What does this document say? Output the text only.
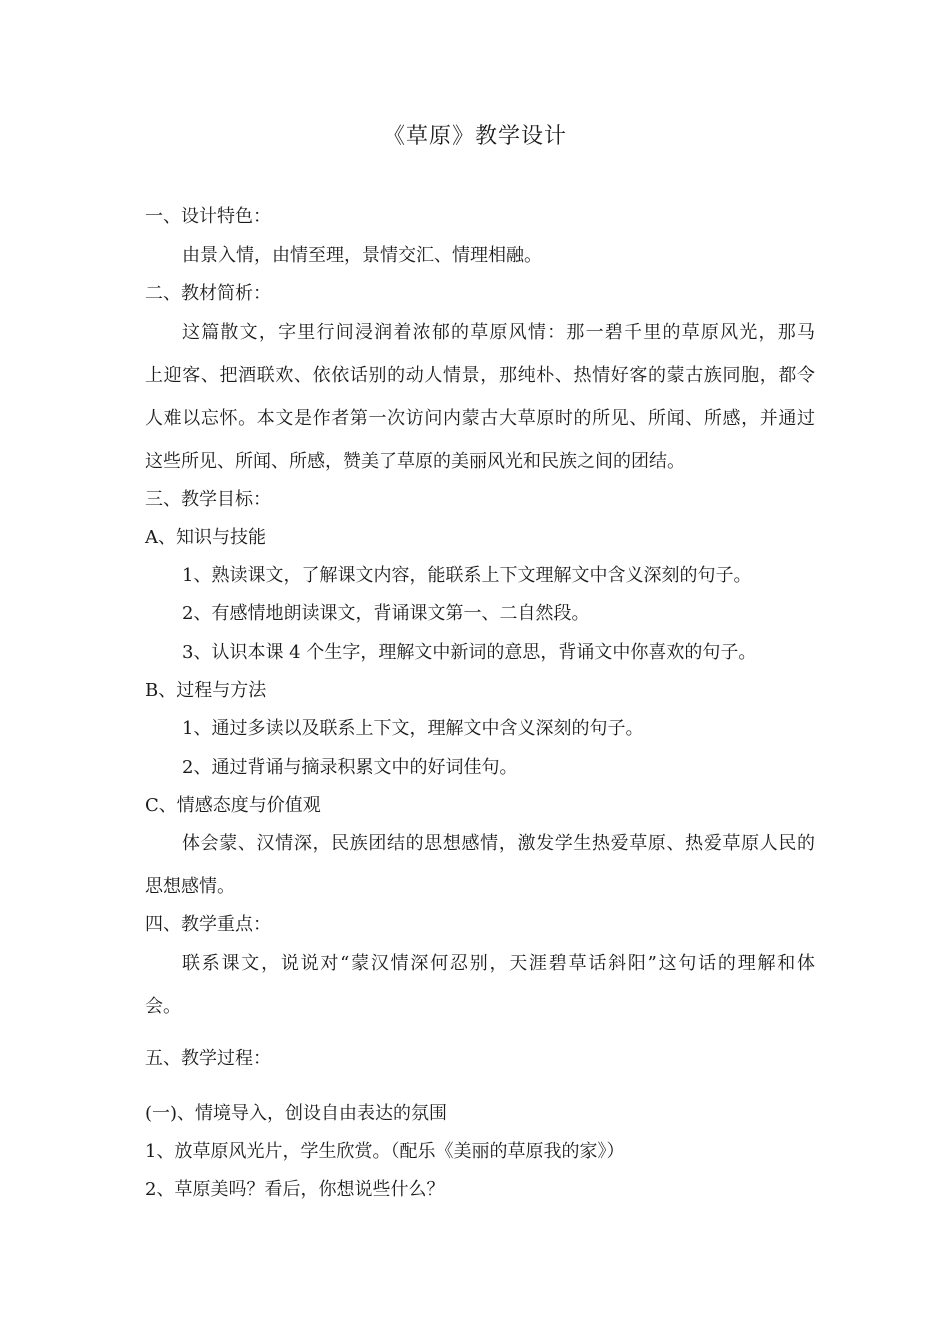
《草原》教学设计
一、设计特色：
由景入情，由情至理，景情交汇、情理相融。
二、教材简析：
这篇散文，字里行间浸润着浓郁的草原风情：那一碧千里的草原风光，那马
上迎客、把酒联欢、依依话别的动人情景，那纯朴、热情好客的蒙古族同胞，都令
人难以忘怀。本文是作者第一次访问内蒙古大草原时的所见、所闻、所感，并通过
这些所见、所闻、所感，赞美了草原的美丽风光和民族之间的团结。
三、教学目标：
A、知识与技能
1、熟读课文，了解课文内容，能联系上下文理解文中含义深刻的句子。
2、有感情地朗读课文，背诵课文第一、二自然段。
3、认识本课 4 个生字，理解文中新词的意思，背诵文中你喜欢的句子。
B、过程与方法
1、通过多读以及联系上下文，理解文中含义深刻的句子。
2、通过背诵与摘录积累文中的好词佳句。
C、情感态度与价值观
体会蒙、汉情深，民族团结的思想感情，激发学生热爱草原、热爱草原人民的
思想感情。
四、教学重点：
联系课文，说说对“蒙汉情深何忍别，天涯碧草话斜阳”这句话的理解和体
会。
五、教学过程：
(一)、情境导入，创设自由表达的氛围
1、放草原风光片，学生欣赏。（配乐《美丽的草原我的家》）
2、草原美吗？看后，你想说些什么？
